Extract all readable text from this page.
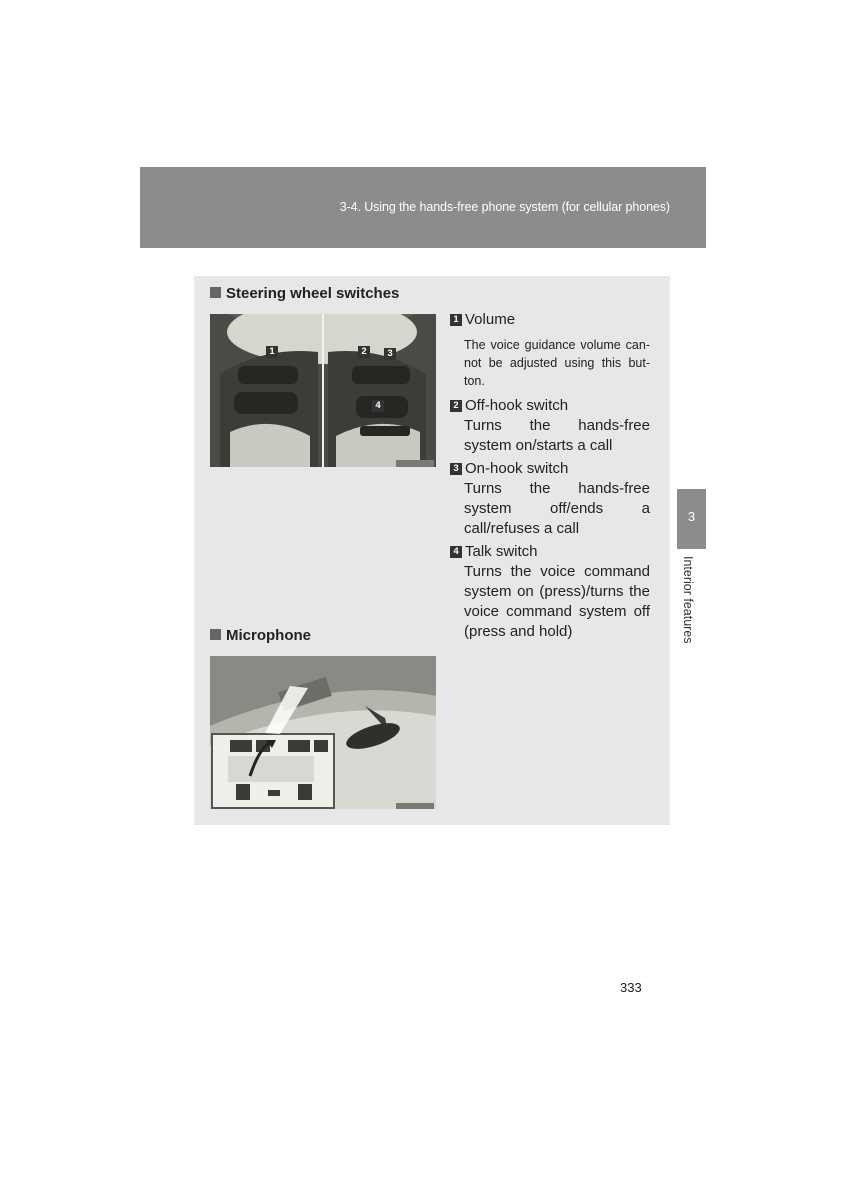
3-4. Using the hands-free phone system (for cellular phones)
Steering wheel switches
1	2	3
4
1 Volume
The voice guidance volume can-not be adjusted using this but-ton.
2 Off-hook switch
Turns the hands-free system on/starts a call
3 On-hook switch
Turns the hands-free system off/ends a call/refuses a call
4 Talk switch
Turns the voice command system on (press)/turns the voice command system off (press and hold)
Microphone
3
Interior features
333
